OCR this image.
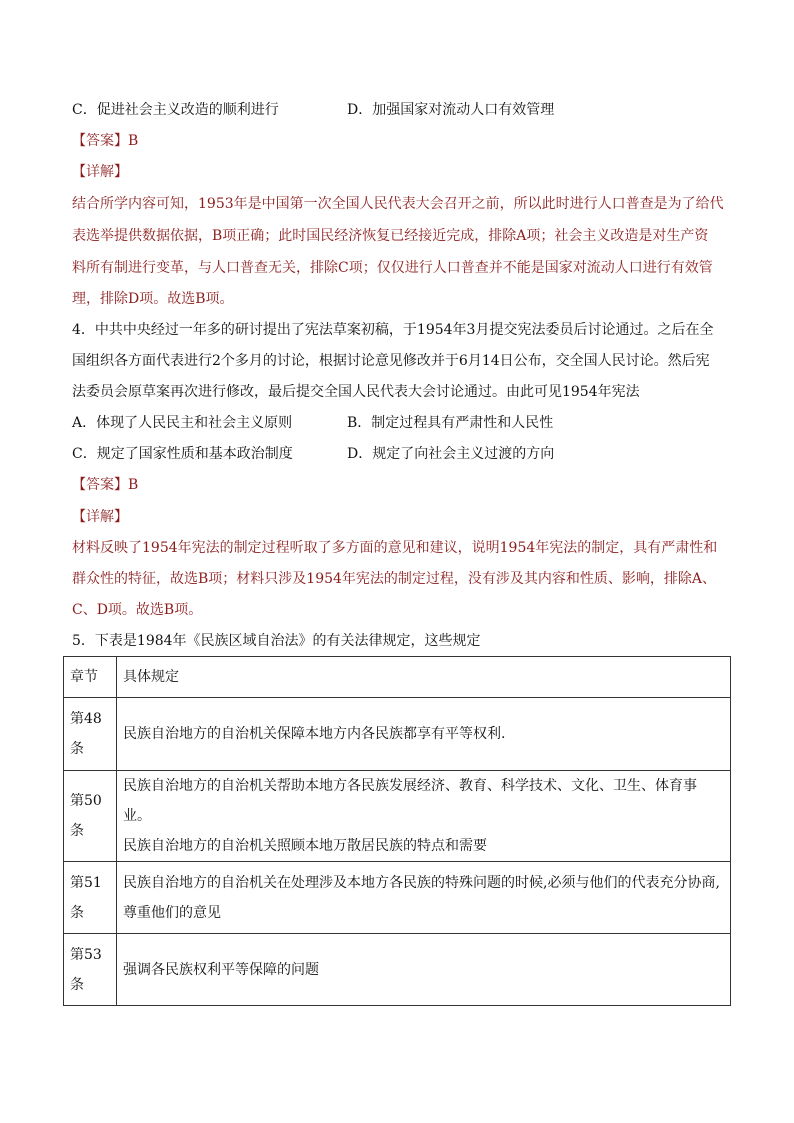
C．促进社会主义改造的顺利进行	D．加强国家对流动人口有效管理
【答案】B
【详解】
结合所学内容可知，1953年是中国第一次全国人民代表大会召开之前，所以此时进行人口普查是为了给代
表选举提供数据依据，B项正确；此时国民经济恢复已经接近完成，排除A项；社会主义改造是对生产资
料所有制进行变革，与人口普查无关，排除C项；仅仅进行人口普查并不能是国家对流动人口进行有效管
理，排除D项。故选B项。
4．中共中央经过一年多的研讨提出了宪法草案初稿，于1954年3月提交宪法委员后讨论通过。之后在全
国组织各方面代表进行2个多月的讨论，根据讨论意见修改并于6月14日公布，交全国人民讨论。然后宪
法委员会原草案再次进行修改，最后提交全国人民代表大会讨论通过。由此可见1954年宪法
A．体现了人民民主和社会主义原则	B．制定过程具有严肃性和人民性
C．规定了国家性质和基本政治制度	D．规定了向社会主义过渡的方向
【答案】B
【详解】
材料反映了1954年宪法的制定过程听取了多方面的意见和建议，说明1954年宪法的制定，具有严肃性和
群众性的特征，故选B项；材料只涉及1954年宪法的制定过程，没有涉及其内容和性质、影响，排除A、
C、D项。故选B项。
5．下表是1984年《民族区域自治法》的有关法律规定，这些规定
章节	具体规定

第48
条	民族自治地方的自治机关保障本地方内各民族都享有平等权利.

第50
条	民族自治地方的自治机关帮助本地方各民族发展经济、教育、科学技术、文化、卫生、体育事业。
民族自治地方的自治机关照顾本地万散居民族的特点和需要

第51
条	民族自治地方的自治机关在处理涉及本地方各民族的特殊问题的时候,必须与他们的代表充分协商,
尊重他们的意见

第53
条	强调各民族权利平等保障的问题
